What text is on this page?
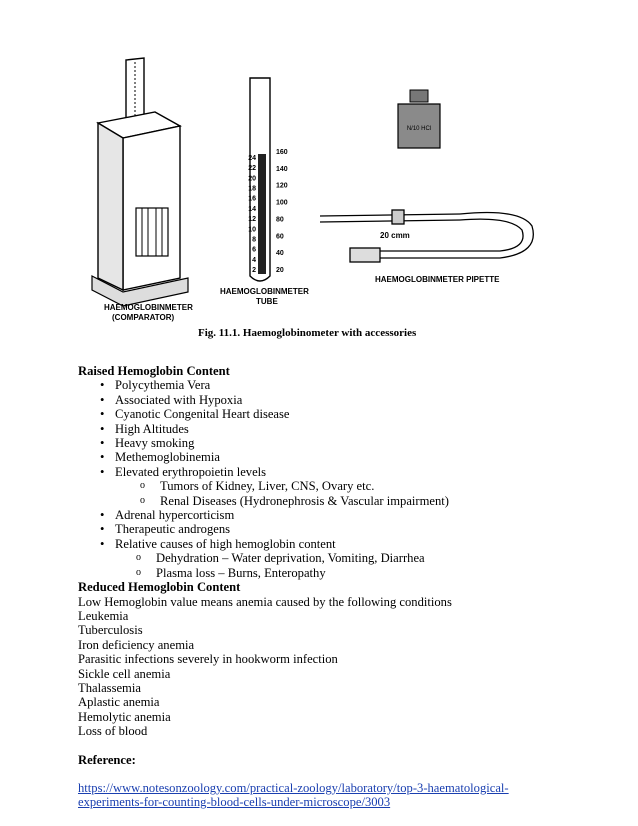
24
22
20
18
16
14
12
10
8
6
4
2
160
140
120
100
80
60
40
20
N/10 HCl
20 cmm
HAEMOGLOBINMETER PIPETTE
HAEMOGLOBINMETER
(COMPARATOR)
HAEMOGLOBINMETER
TUBE
Fig. 11.1. Haemoglobinometer with accessories
Raised Hemoglobin Content
• Polycythemia Vera
• Associated with Hypoxia
• Cyanotic Congenital Heart disease
• High Altitudes
• Heavy smoking
• Methemoglobinemia
• Elevated erythropoietin levels
o Tumors of Kidney, Liver, CNS, Ovary etc.
o Renal Diseases (Hydronephrosis & Vascular impairment)
• Adrenal hypercorticism
• Therapeutic androgens
• Relative causes of high hemoglobin content
o Dehydration – Water deprivation, Vomiting, Diarrhea
o Plasma loss – Burns, Enteropathy
Reduced Hemoglobin Content
Low Hemoglobin value means anemia caused by the following conditions
Leukemia
Tuberculosis
Iron deficiency anemia
Parasitic infections severely in hookworm infection
Sickle cell anemia
Thalassemia
Aplastic anemia
Hemolytic anemia
Loss of blood
Reference:
https://www.notesonzoology.com/practical-zoology/laboratory/top-3-haematological-
experiments-for-counting-blood-cells-under-microscope/3003
